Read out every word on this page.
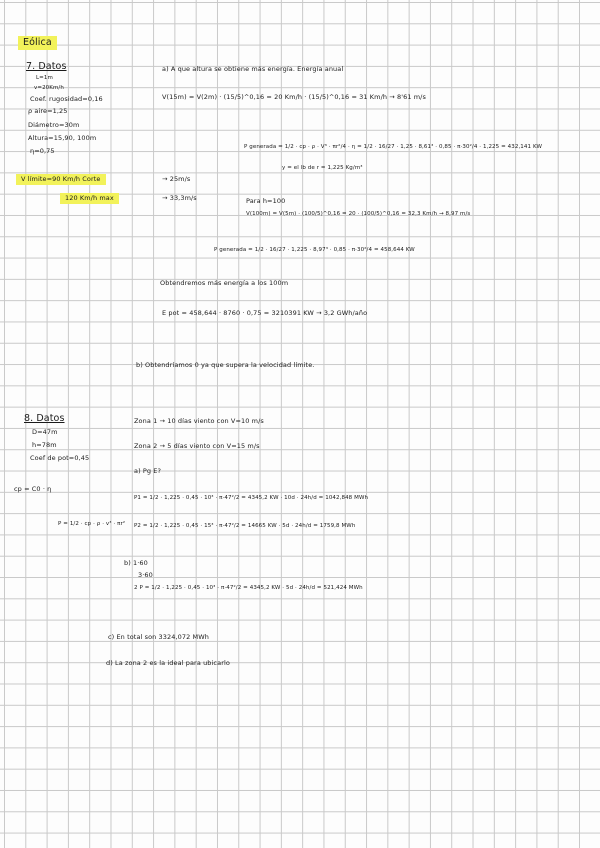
Eólica
7. Datos
L=1m
v=20Km/h
Coef. rugosidad=0,16
ρ aire=1,25
Diámetro=30m
Altura=15,90, 100m
η=0,75
V límite=90 Km/h Corte
120 Km/h max
→ 25m/s
→ 33,3m/s
a) A que altura se obtiene más energía. Energía anual
V(15m) = V(2m) · (15/5)^0,16 = 20 Km/h · (15/5)^0,16 = 31 Km/h → 8'61 m/s
P generada = 1/2 · cp · ρ · V³ · πr²/4 · η = 1/2 · 16/27 · 1,25 · 8,61³ · 0,85 · π·30²/4 · 1,225 = 432,141 KW
y = el lb de r = 1,225 Kg/m³
Para h=100
V(100m) = V(5m) · (100/5)^0,16 = 20 · (100/5)^0,16 = 32,3 Km/h → 8,97 m/s
P generada = 1/2 · 16/27 · 1,225 · 8,97³ · 0,85 · π·30²/4 = 458,644 KW
Obtendremos más energía a los 100m
E pot = 458,644 · 8760 · 0,75 = 3210391 KW → 3,2 GWh/año
b) Obtendríamos 0 ya que supera la velocidad límite.
8. Datos
D=47m
h=78m
Coef de pot=0,45
cp = C0 · η
P = 1/2 · cp · ρ · v³ · πr²
Zona 1 → 10 días viento con V=10 m/s
Zona 2 → 5 días viento con V=15 m/s
a) Pg E?
P1 = 1/2 · 1,225 · 0,45 · 10³ · π·47²/2 = 4345,2 KW · 10d · 24h/d = 1042,848 MWh
P2 = 1/2 · 1,225 · 0,45 · 15³ · π·47²/2 = 14665 KW · 5d · 24h/d = 1759,8 MWh
b) 1·60
3·60
2 P = 1/2 · 1,225 · 0,45 · 10³ · π·47²/2 = 4345,2 KW · 5d · 24h/d = 521,424 MWh
c) En total son 3324,072 MWh
d) La zona 2 es la ideal para ubicarlo
